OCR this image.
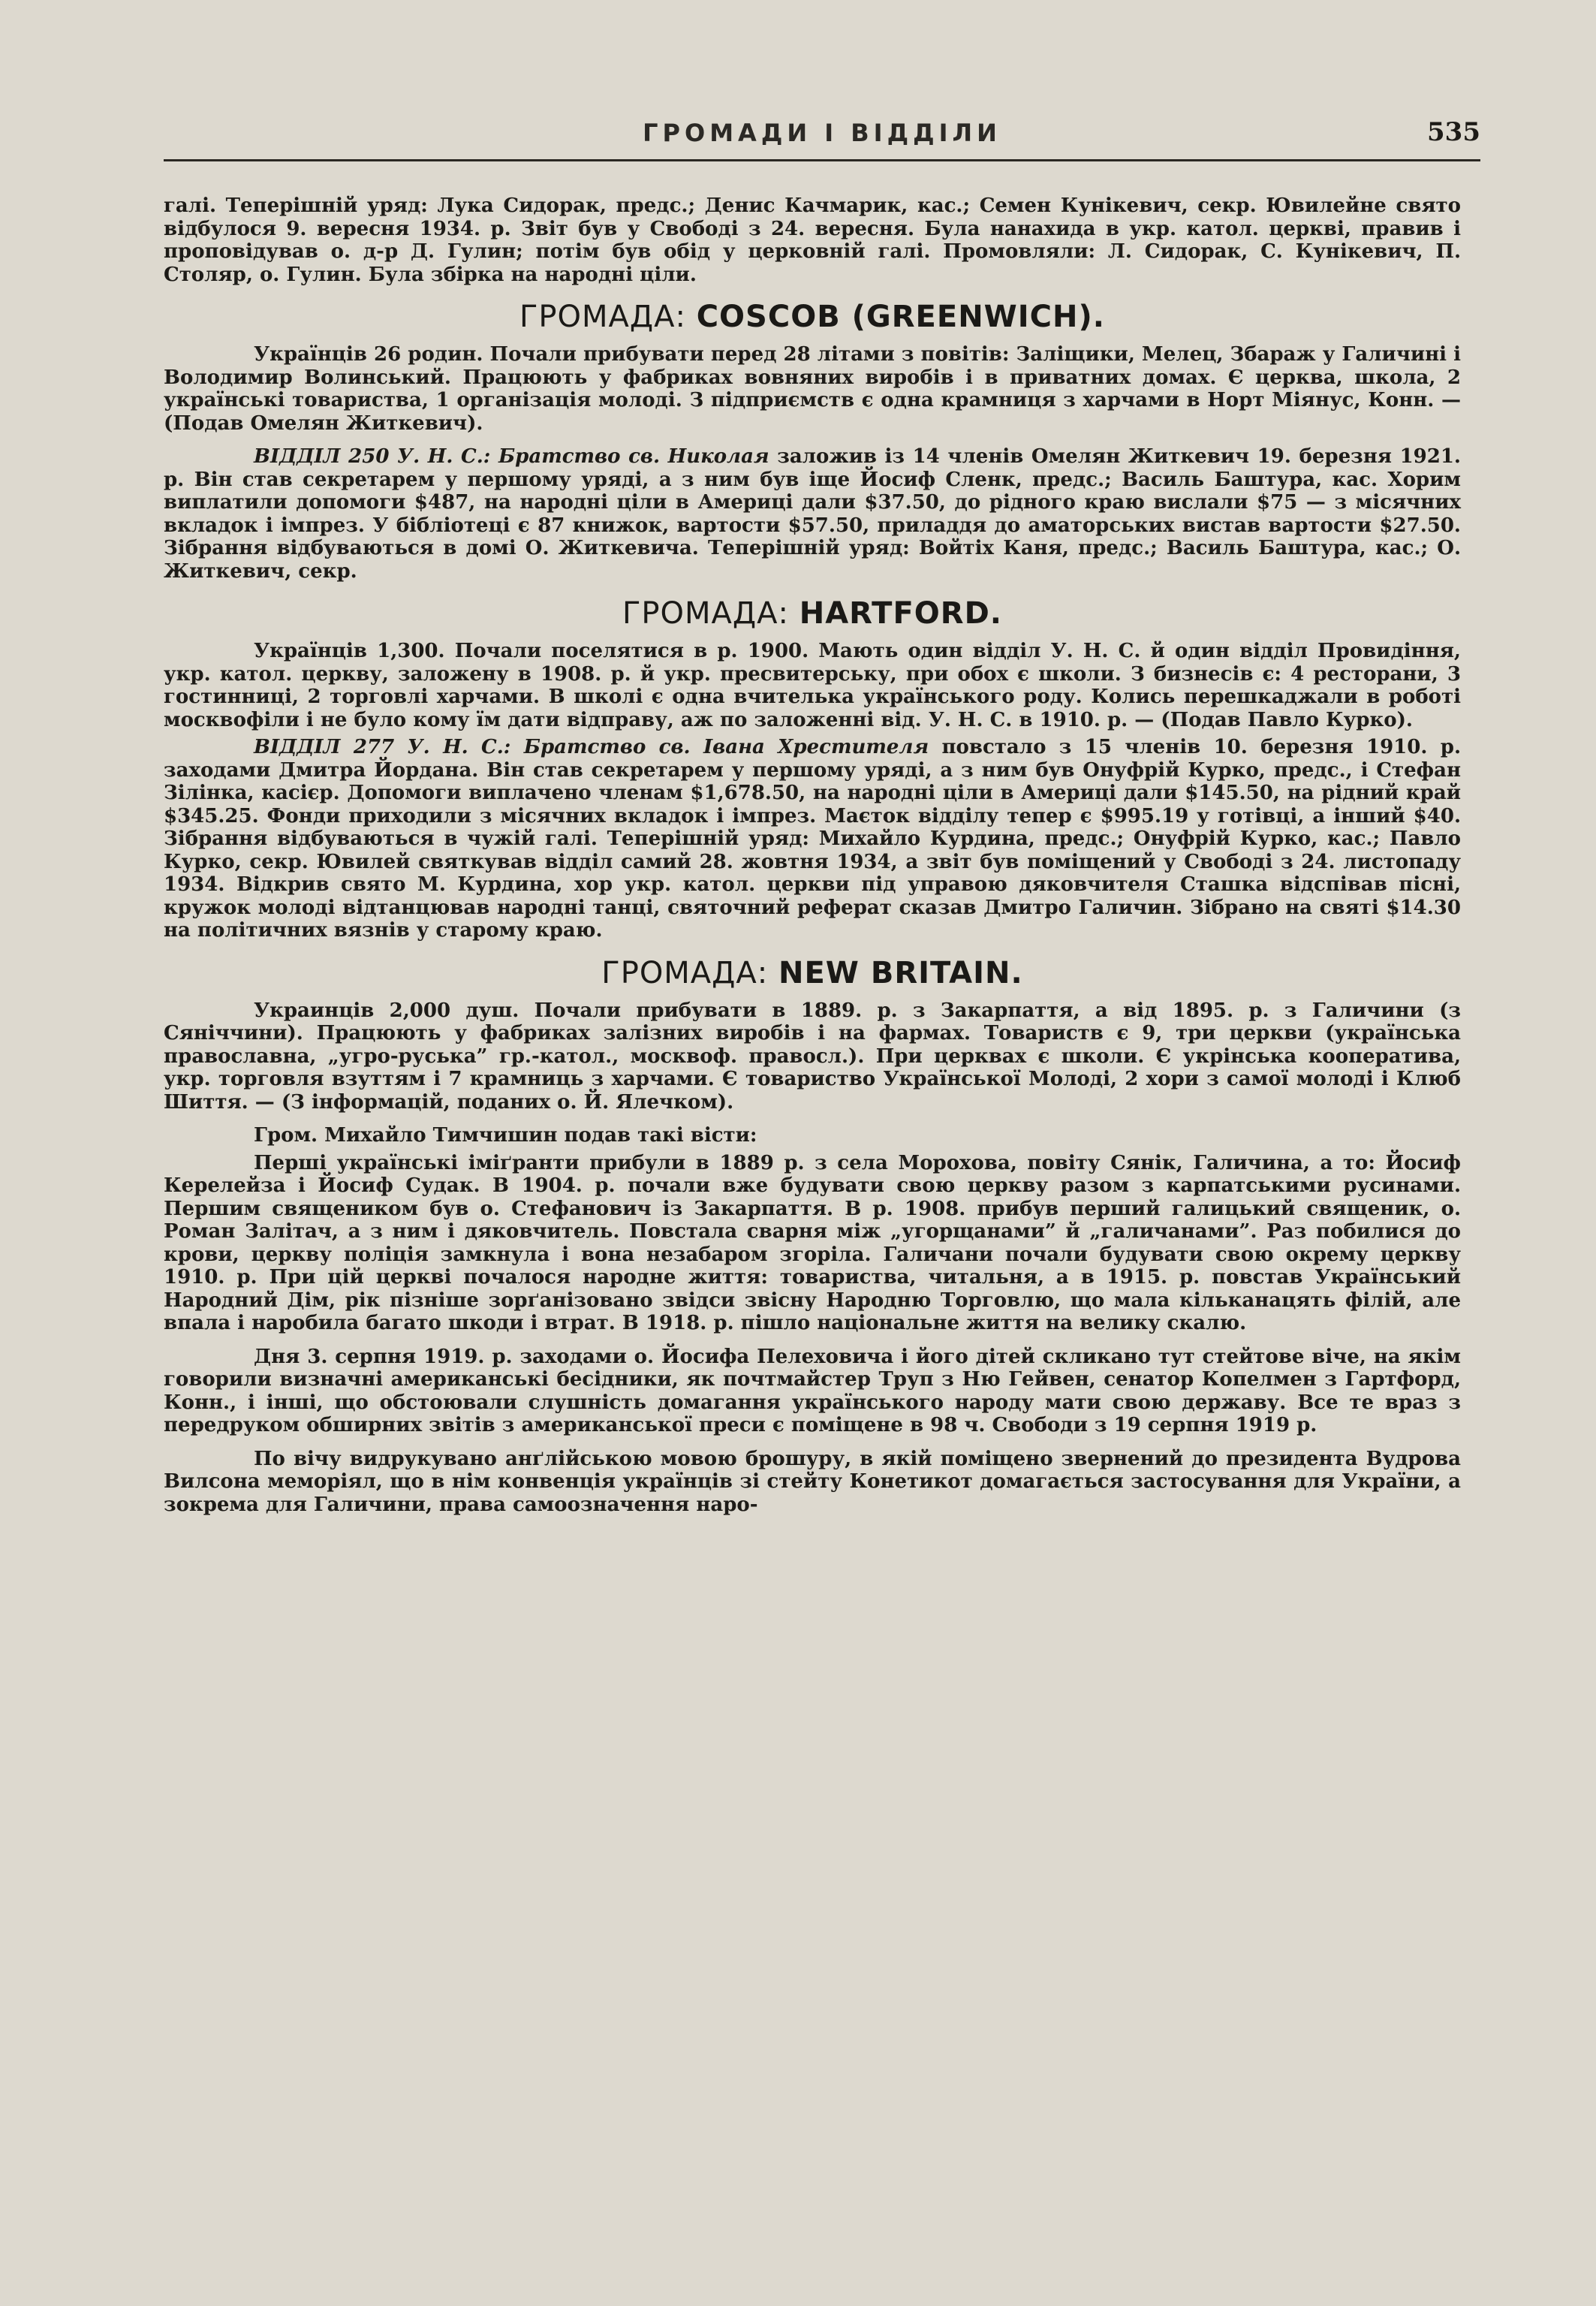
ГРОМАДИ І ВІДДІЛИ	535

галі. Теперішній уряд: Лука Сидорак, предс.; Денис Качмарик, кас.; Семен Кунікевич, секр. Ювилейне свято відбулося 9. вересня 1934. р. Звіт був у Свободі з 24. вересня. Була нанахида в укр. катол. церкві, правив і проповідував о. д-р Д. Гулин; потім був обід у церковній галі. Промовляли: Л. Сидорак, С. Кунікевич, П. Столяр, о. Гулин. Була збірка на народні ціли.

ГРОМАДА: COSCOB (GREENWICH).

Українців 26 родин. Почали прибувати перед 28 літами з повітів: Заліщики, Мелец, Збараж у Галичині і Володимир Волинський. Працюють у фабриках вовняних виробів і в приватних домах. Є церква, школа, 2 українські товариства, 1 організація молоді. З підприємств є одна крамниця з харчами в Норт Міянус, Конн. — (Подав Омелян Житкевич).

ВІДДІЛ 250 У. Н. С.: Братство св. Николая заложив із 14 членів Омелян Житкевич 19. березня 1921. р. Він став секретарем у першому уряді, а з ним був іще Йосиф Сленк, предс.; Василь Баштура, кас. Хорим виплатили допомоги $487, на народні ціли в Америці дали $37.50, до рідного краю вислали $75 — з місячних вкладок і імпрез. У бібліотеці є 87 книжок, вартости $57.50, приладдя до аматорських вистав вартости $27.50. Зібрання відбуваються в домі О. Житкевича. Теперішній уряд: Войтіх Каня, предс.; Василь Баштура, кас.; О. Житкевич, секр.

ГРОМАДА: HARTFORD.

Українців 1,300. Почали поселятися в р. 1900. Мають один відділ У. Н. С. й один відділ Провидіння, укр. катол. церкву, заложену в 1908. р. й укр. пресвитерську, при обох є школи. З бизнесів є: 4 ресторани, 3 гостинниці, 2 торговлі харчами. В школі є одна вчителька українського роду. Колись перешкаджали в роботі москвофіли і не було кому їм дати відправу, аж по заложенні від. У. Н. С. в 1910. р. — (Подав Павло Курко).

ВІДДІЛ 277 У. Н. С.: Братство св. Івана Хрестителя повстало з 15 членів 10. березня 1910. р. заходами Дмитра Йордана. Він став секретарем у першому уряді, а з ним був Онуфрій Курко, предс., і Стефан Зілінка, касієр. Допомоги виплачено членам $1,678.50, на народні ціли в Америці дали $145.50, на рідний край $345.25. Фонди приходили з місячних вкладок і імпрез. Маєток відділу тепер є $995.19 у готівці, а інший $40. Зібрання відбуваються в чужій галі. Теперішній уряд: Михайло Курдина, предс.; Онуфрій Курко, кас.; Павло Курко, секр. Ювилей святкував відділ самий 28. жовтня 1934, а звіт був поміщений у Свободі з 24. листопаду 1934. Відкрив свято М. Курдина, хор укр. катол. церкви під управою дяковчителя Сташка відспівав пісні, кружок молоді відтанцював народні танці, святочний реферат сказав Дмитро Галичин. Зібрано на святі $14.30 на політичних вязнів у старому краю.

ГРОМАДА: NEW BRITAIN.

Украинців 2,000 душ. Почали прибувати в 1889. р. з Закарпаття, а від 1895. р. з Галичини (з Сяніччини). Працюють у фабриках залізних виробів і на фармах. Товариств є 9, три церкви (українська православна, „угро-руська” гр.-катол., москвоф. правосл.). При церквах є школи. Є укрінська кооператива, укр. торговля взуттям і 7 крамниць з харчами. Є товариство Української Молоді, 2 хори з самої молоді і Клюб Шиття. — (З інформацій, поданих о. Й. Ялечком).

Гром. Михайло Тимчишин подав такі вісти:

Перші українські іміґранти прибули в 1889 р. з села Морохова, повіту Сянік, Галичина, а то: Йосиф Керелейза і Йосиф Судак. В 1904. р. почали вже будувати свою церкву разом з карпатськими русинами. Першим священиком був о. Стефанович із Закарпаття. В р. 1908. прибув перший галицький священик, о. Роман Залітач, а з ним і дяковчитель. Повстала сварня між „угорщанами” й „галичанами”. Раз побилися до крови, церкву поліція замкнула і вона незабаром згоріла. Галичани почали будувати свою окрему церкву 1910. р. При цій церкві почалося народне життя: товариства, читальня, а в 1915. р. повстав Український Народний Дім, рік пізніше зорґанізовано звідси звісну Народню Торговлю, що мала кільканацять філій, але впала і наробила багато шкоди і втрат. В 1918. р. пішло національне життя на велику скалю.

Дня 3. серпня 1919. р. заходами о. Йосифа Пелеховича і його дітей скликано тут стейтове віче, на якім говорили визначні американські бесідники, як почтмайстер Труп з Ню Гейвен, сенатор Копелмен з Гартфорд, Конн., і інші, що обстоювали слушність домагання українського народу мати свою державу. Все те враз з передруком обширних звітів з американської преси є поміщене в 98 ч. Свободи з 19 серпня 1919 р.

По вічу видрукувано анґлійською мовою брошуру, в якій поміщено звернений до президента Вудрова Вилсона меморіял, що в нім конвенція українців зі стейту Конетикот домагається застосування для України, а зокрема для Галичини, права самоозначення наро-
